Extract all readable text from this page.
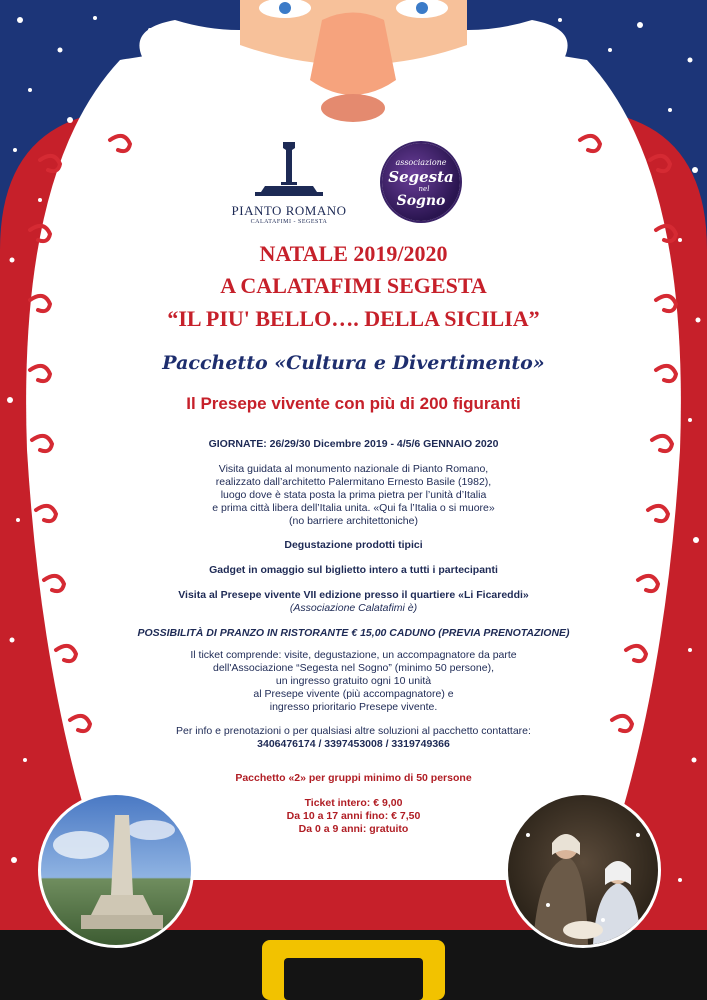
PIANTO ROMANO
CALATAFIMI - SEGESTA
associazione
Segesta
nel
Sogno
NATALE 2019/2020
A CALATAFIMI SEGESTA
“IL PIU' BELLO…. DELLA SICILIA”
Pacchetto «Cultura e Divertimento»
Il Presepe vivente con più di 200 figuranti
GIORNATE: 26/29/30 Dicembre 2019 - 4/5/6 GENNAIO 2020
Visita guidata al monumento nazionale di Pianto Romano,
realizzato dall’architetto Palermitano Ernesto Basile (1982),
luogo dove è stata posta la prima pietra per l’unità d’Italia
e prima città libera dell’Italia unita. «Qui fa l’Italia o si muore»
(no barriere architettoniche)
Degustazione prodotti tipici
Gadget in omaggio sul biglietto intero a tutti i partecipanti
Visita al Presepe vivente VII edizione presso il quartiere «Li Ficareddi»
(Associazione Calatafimi è)
POSSIBILITÀ DI PRANZO IN RISTORANTE € 15,00 CADUNO (PREVIA PRENOTAZIONE)
Il ticket comprende: visite, degustazione, un accompagnatore da parte
dell'Associazione “Segesta nel Sogno” (minimo 50 persone),
un ingresso gratuito ogni 10 unità
al Presepe vivente (più accompagnatore) e
ingresso prioritario Presepe vivente.
Per info e prenotazioni o per qualsiasi altre soluzioni al pacchetto contattare:
3406476174 / 3397453008 / 3319749366
Pacchetto «2» per gruppi minimo di 50 persone
Ticket intero: € 9,00
Da 10 a 17 anni fino: € 7,50
Da 0 a 9 anni: gratuito
